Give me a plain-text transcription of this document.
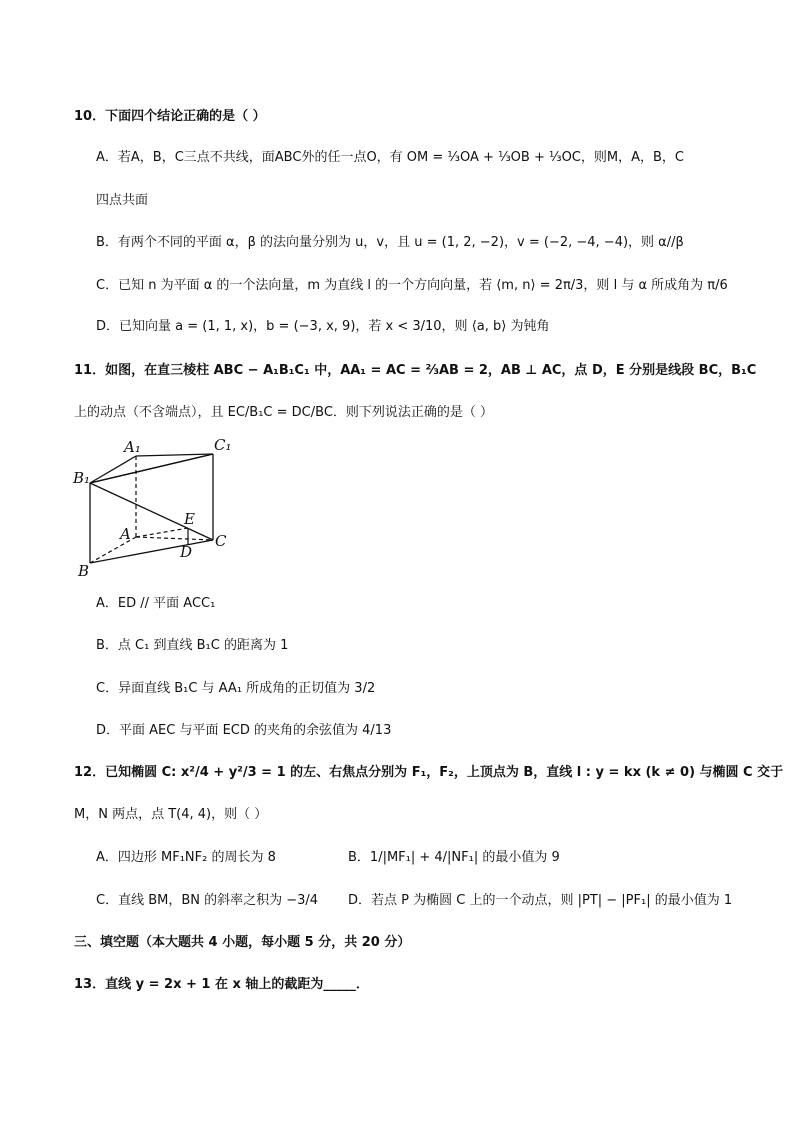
10．下面四个结论正确的是（ ）
A．若A，B，C三点不共线，面ABC外的任一点O，有 OM = ⅓OA + ⅓OB + ⅓OC，则M，A，B，C
四点共面
B．有两个不同的平面 α，β 的法向量分别为 u，v，且 u = (1, 2, −2)，v = (−2, −4, −4)，则 α//β
C．已知 n 为平面 α 的一个法向量，m 为直线 l 的一个方向向量，若 ⟨m, n⟩ = 2π/3，则 l 与 α 所成角为 π/6
D．已知向量 a = (1, 1, x)，b = (−3, x, 9)，若 x < 3/10，则 ⟨a, b⟩ 为钝角
11．如图，在直三棱柱 ABC − A₁B₁C₁ 中，AA₁ = AC = ⅔AB = 2，AB ⊥ AC，点 D，E 分别是线段 BC，B₁C
上的动点（不含端点），且 EC/B₁C = DC/BC．则下列说法正确的是（ ）
A₁	C₁
B₁
A
E
D
C
B
A．ED // 平面 ACC₁
B．点 C₁ 到直线 B₁C 的距离为 1
C．异面直线 B₁C 与 AA₁ 所成角的正切值为 3/2
D．平面 AEC 与平面 ECD 的夹角的余弦值为 4/13
12．已知椭圆 C: x²/4 + y²/3 = 1 的左、右焦点分别为 F₁，F₂，上顶点为 B，直线 l : y = kx (k ≠ 0) 与椭圆 C 交于
M，N 两点，点 T(4, 4)，则（ ）
A．四边形 MF₁NF₂ 的周长为 8	B．1/|MF₁| + 4/|NF₁| 的最小值为 9
C．直线 BM，BN 的斜率之积为 −3/4 D．若点 P 为椭圆 C 上的一个动点，则 |PT| − |PF₁| 的最小值为 1
三、填空题（本大题共 4 小题，每小题 5 分，共 20 分）
13．直线 y = 2x + 1 在 x 轴上的截距为_____．
